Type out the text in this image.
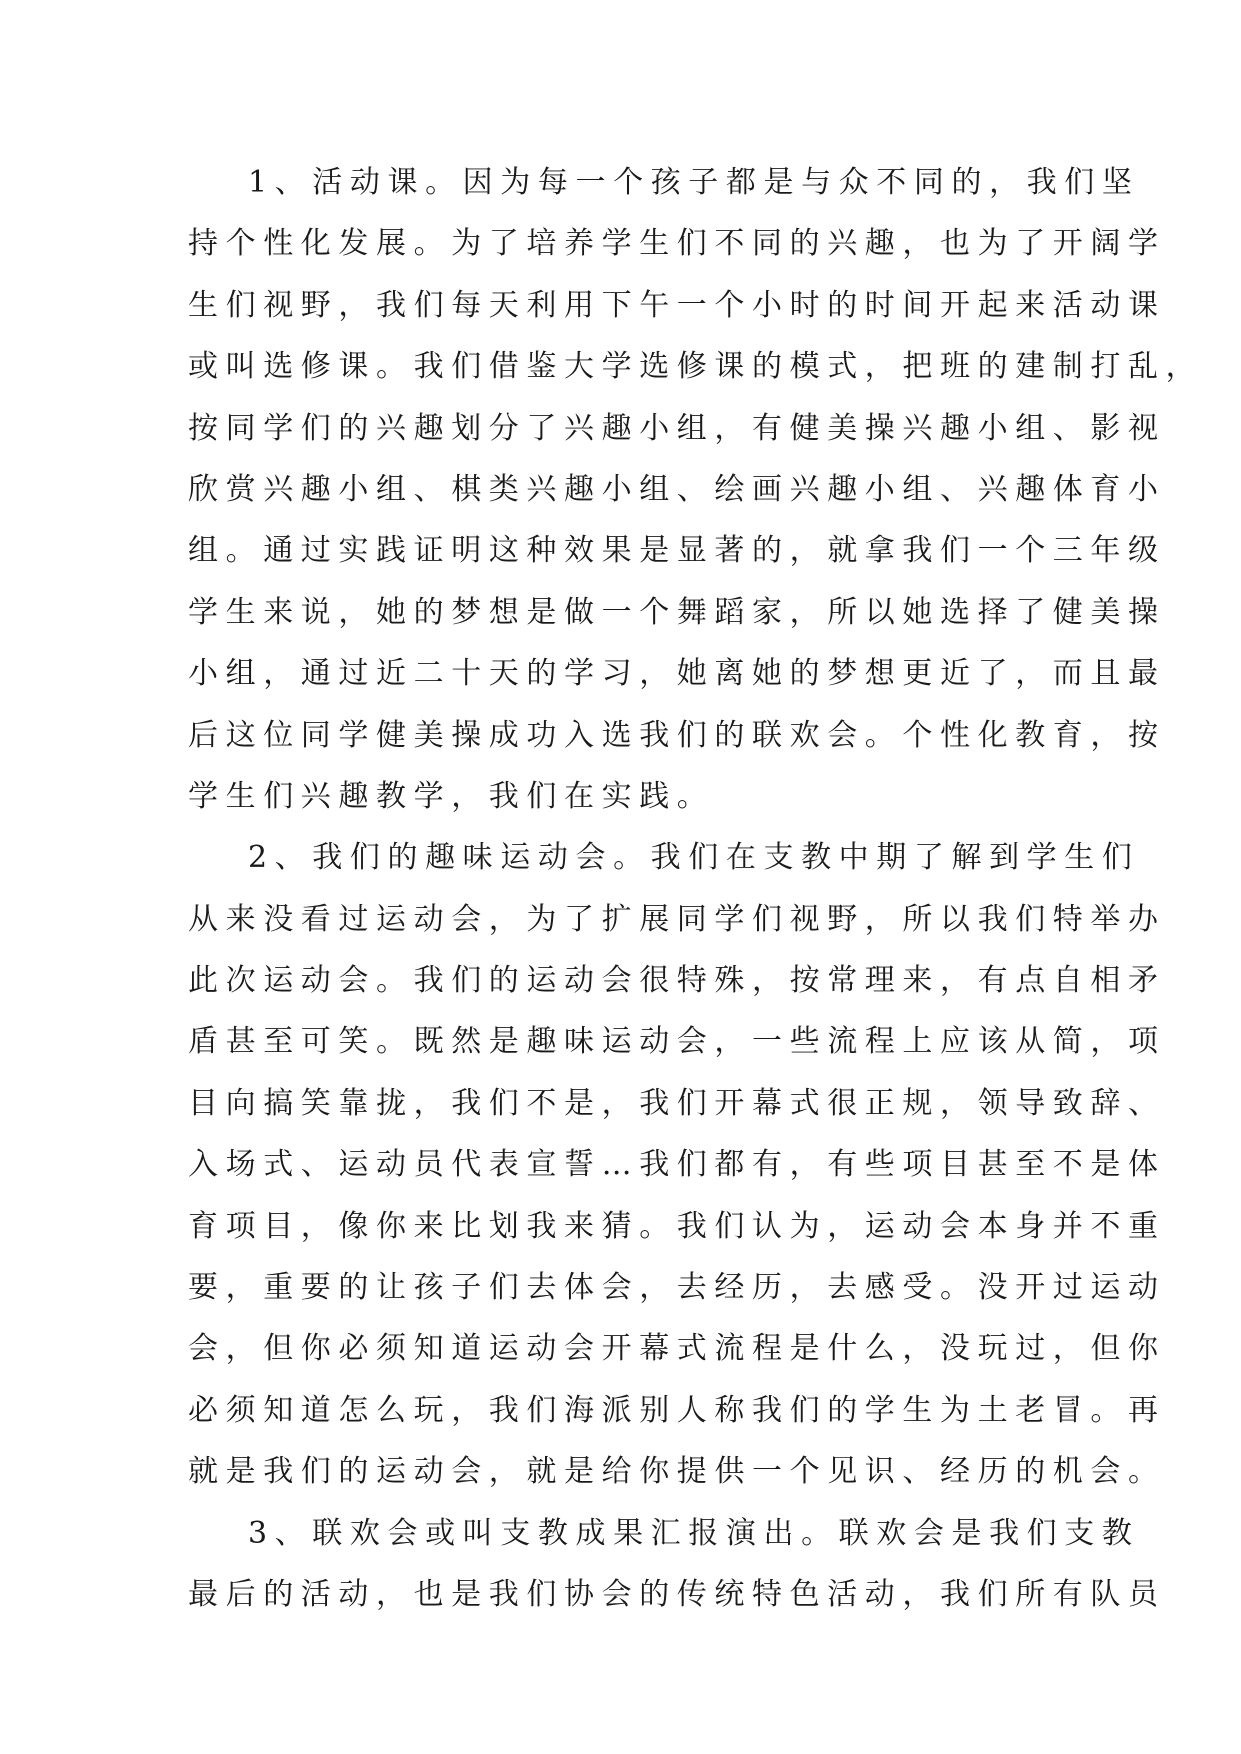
1、活动课。因为每一个孩子都是与众不同的，我们坚
持个性化发展。为了培养学生们不同的兴趣，也为了开阔学
生们视野，我们每天利用下午一个小时的时间开起来活动课
或叫选修课。我们借鉴大学选修课的模式，把班的建制打乱，
按同学们的兴趣划分了兴趣小组，有健美操兴趣小组、影视
欣赏兴趣小组、棋类兴趣小组、绘画兴趣小组、兴趣体育小
组。通过实践证明这种效果是显著的，就拿我们一个三年级
学生来说，她的梦想是做一个舞蹈家，所以她选择了健美操
小组，通过近二十天的学习，她离她的梦想更近了，而且最
后这位同学健美操成功入选我们的联欢会。个性化教育，按
学生们兴趣教学，我们在实践。
2、我们的趣味运动会。我们在支教中期了解到学生们
从来没看过运动会，为了扩展同学们视野，所以我们特举办
此次运动会。我们的运动会很特殊，按常理来，有点自相矛
盾甚至可笑。既然是趣味运动会，一些流程上应该从简，项
目向搞笑靠拢，我们不是，我们开幕式很正规，领导致辞、
入场式、运动员代表宣誓…我们都有，有些项目甚至不是体
育项目，像你来比划我来猜。我们认为，运动会本身并不重
要，重要的让孩子们去体会，去经历，去感受。没开过运动
会，但你必须知道运动会开幕式流程是什么，没玩过，但你
必须知道怎么玩，我们海派别人称我们的学生为土老冒。再
就是我们的运动会，就是给你提供一个见识、经历的机会。
3、联欢会或叫支教成果汇报演出。联欢会是我们支教
最后的活动，也是我们协会的传统特色活动，我们所有队员
